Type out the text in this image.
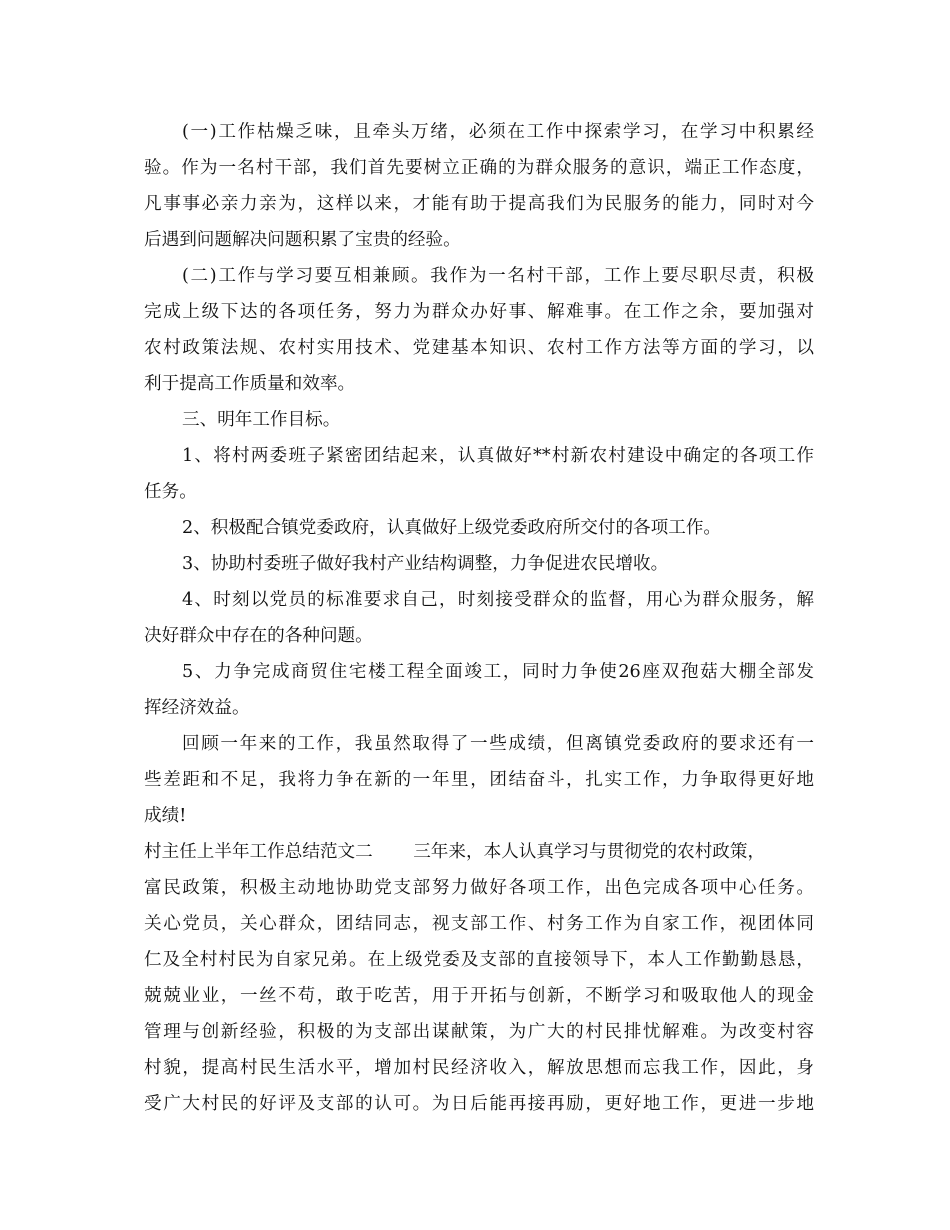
(一)工作枯燥乏味，且牵头万绪，必须在工作中探索学习，在学习中积累经
验。作为一名村干部，我们首先要树立正确的为群众服务的意识，端正工作态度，
凡事事必亲力亲为，这样以来，才能有助于提高我们为民服务的能力，同时对今
后遇到问题解决问题积累了宝贵的经验。
(二)工作与学习要互相兼顾。我作为一名村干部，工作上要尽职尽责，积极
完成上级下达的各项任务，努力为群众办好事、解难事。在工作之余，要加强对
农村政策法规、农村实用技术、党建基本知识、农村工作方法等方面的学习，以
利于提高工作质量和效率。
三、明年工作目标。
1、将村两委班子紧密团结起来，认真做好**村新农村建设中确定的各项工作
任务。
2、积极配合镇党委政府，认真做好上级党委政府所交付的各项工作。
3、协助村委班子做好我村产业结构调整，力争促进农民增收。
4、时刻以党员的标准要求自己，时刻接受群众的监督，用心为群众服务，解
决好群众中存在的各种问题。
5、力争完成商贸住宅楼工程全面竣工，同时力争使26座双孢菇大棚全部发
挥经济效益。
回顾一年来的工作，我虽然取得了一些成绩，但离镇党委政府的要求还有一
些差距和不足，我将力争在新的一年里，团结奋斗，扎实工作，力争取得更好地
成绩!
村主任上半年工作总结范文二 三年来，本人认真学习与贯彻党的农村政策，
富民政策，积极主动地协助党支部努力做好各项工作，出色完成各项中心任务。
关心党员，关心群众，团结同志，视支部工作、村务工作为自家工作，视团体同
仁及全村村民为自家兄弟。在上级党委及支部的直接领导下，本人工作勤勤恳恳，
兢兢业业，一丝不苟，敢于吃苦，用于开拓与创新，不断学习和吸取他人的现金
管理与创新经验，积极的为支部出谋献策，为广大的村民排忧解难。为改变村容
村貌，提高村民生活水平，增加村民经济收入，解放思想而忘我工作，因此，身
受广大村民的好评及支部的认可。为日后能再接再励，更好地工作，更进一步地
